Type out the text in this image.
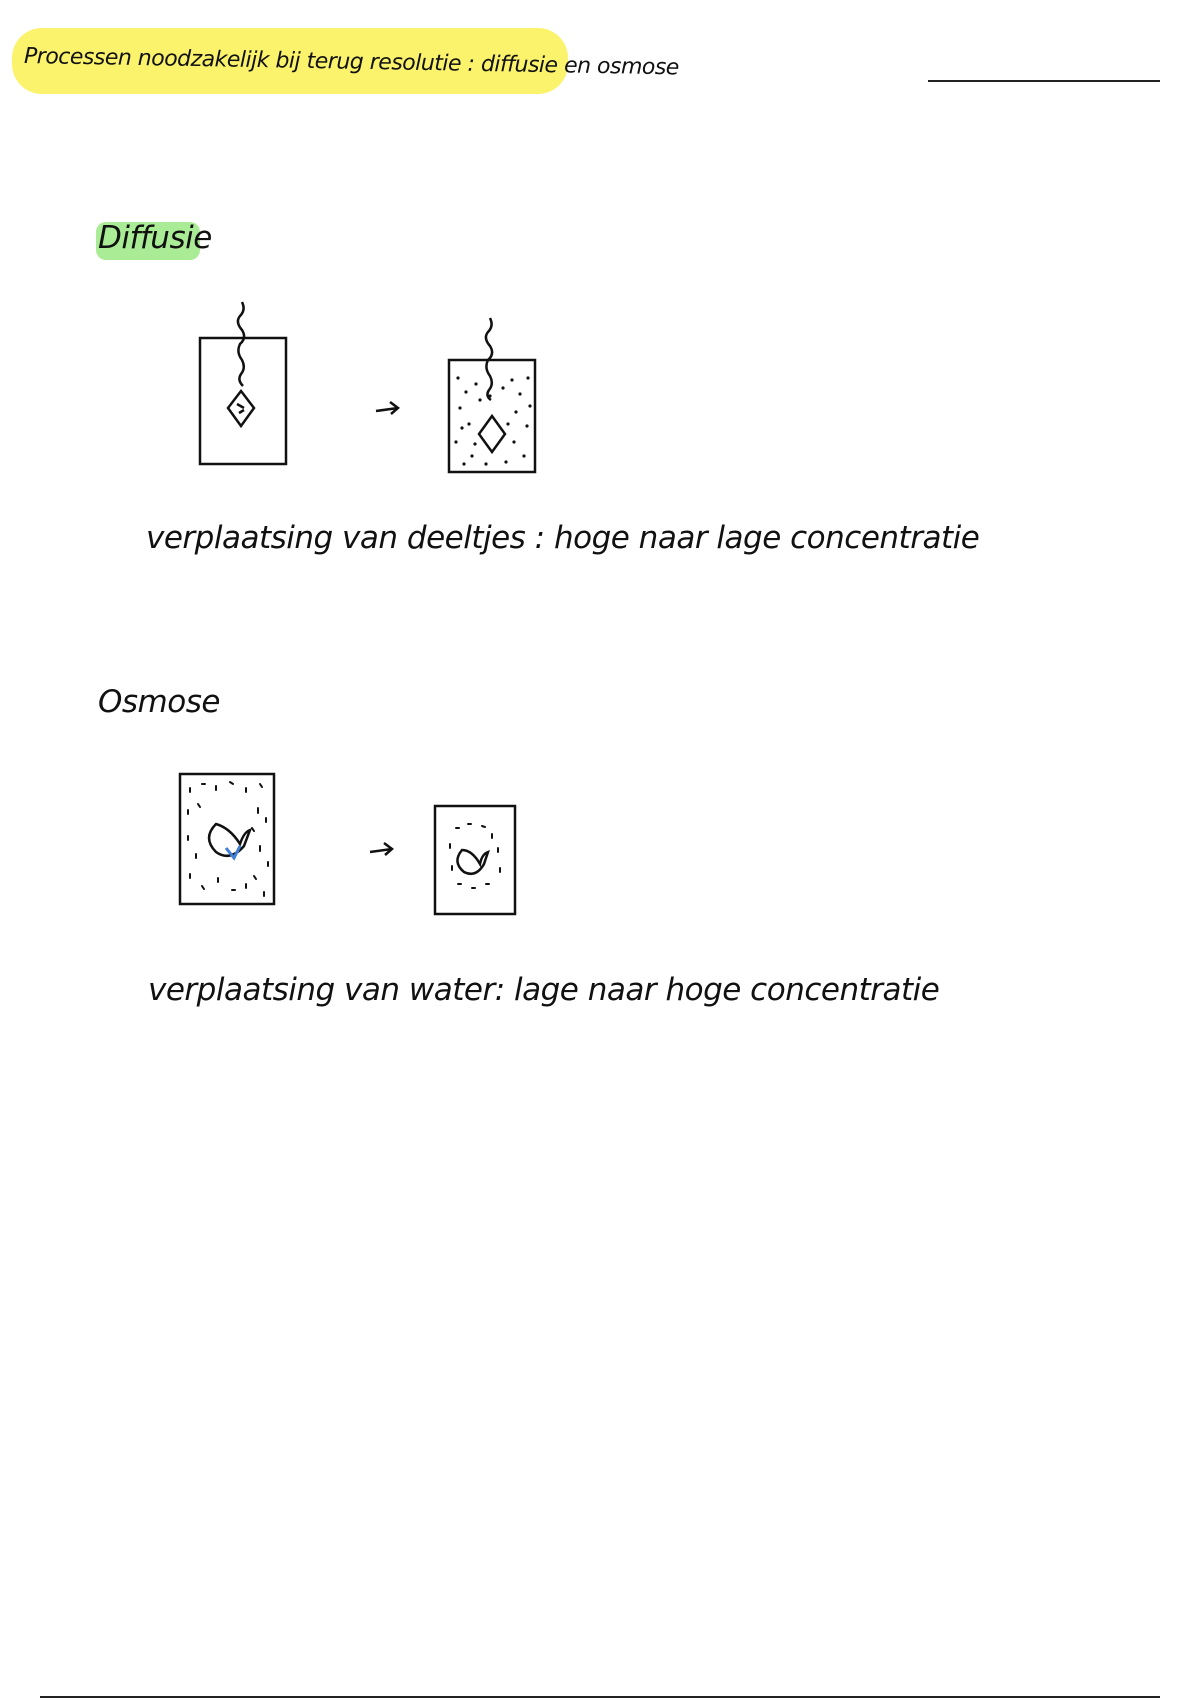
Processen noodzakelijk bij terug resolutie : diffusie en osmose
Diffusie
verplaatsing van deeltjes : hoge naar lage concentratie
Osmose
verplaatsing van water: lage naar hoge concentratie
